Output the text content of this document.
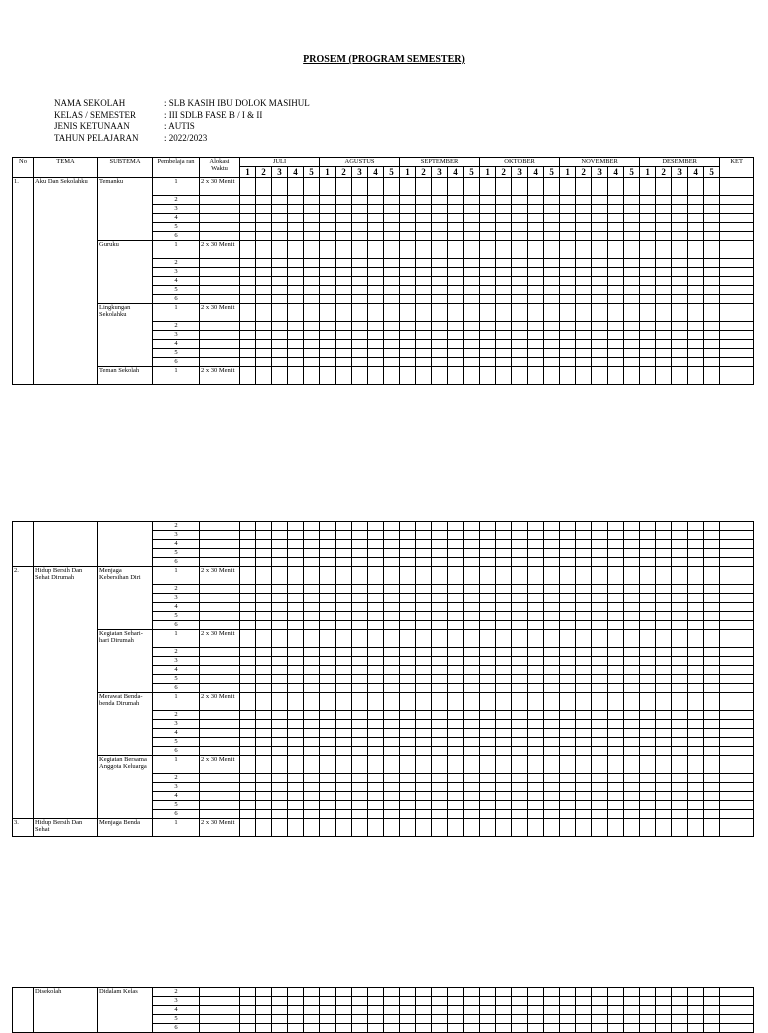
PROSEM (PROGRAM SEMESTER)
NAMA SEKOLAH	: SLB KASIH IBU DOLOK MASIHUL
KELAS / SEMESTER	: III SDLB FASE B / I & II
JENIS KETUNAAN	: AUTIS
TAHUN PELAJARAN	: 2022/2023
No	TEMA	SUBTEMA	Pembelaja ran	Alokasi Waktu	JULI					AGUSTUS					SEPTEMBER					OKTOBER					NOVEMBER					DESEMBER					KET
					1	2	3	4	5	1	2	3	4	5	1	2	3	4	5	1	2	3	4	5	1	2	3	4	5	1	2	3	4	5	
1.	Aku Dan Sekolahku	Temanku	1	2 x 30 Menit																															
			2																																
			3																																
			4																																
			5																																
			6																																
		Guruku	1	2 x 30 Menit																															
			2																																
			3																																
			4																																
			5																																
			6																																
		Lingkungan Sekolahku	1	2 x 30 Menit																															
			2																																
			3																																
			4																																
			5																																
			6																																
		Teman Sekolah	1	2 x 30 Menit																															
			2																																
			3																																
			4																																
			5																																
			6																																
2.	Hidup Bersih Dan Sehat Dirumah	Menjaga Kebersihan Diri	1	2 x 30 Menit																															
			2																																
			3																																
			4																																
			5																																
			6																																
		Kegiatan Sehari-hari Dirumah	1	2 x 30 Menit																															
			2																																
			3																																
			4																																
			5																																
			6																																
		Merawat Benda-benda Dirumah	1	2 x 30 Menit																															
			2																																
			3																																
			4																																
			5																																
			6																																
		Kegiatan Bersama Anggota Keluarga	1	2 x 30 Menit																															
			2																																
			3																																
			4																																
			5																																
			6																																
3.	Hidup Bersih Dan Sehat	Menjaga Benda	1	2 x 30 Menit																															
	Disekolah	Didalam Kelas	2																																
			3																																
			4																																
			5																																
			6																																
